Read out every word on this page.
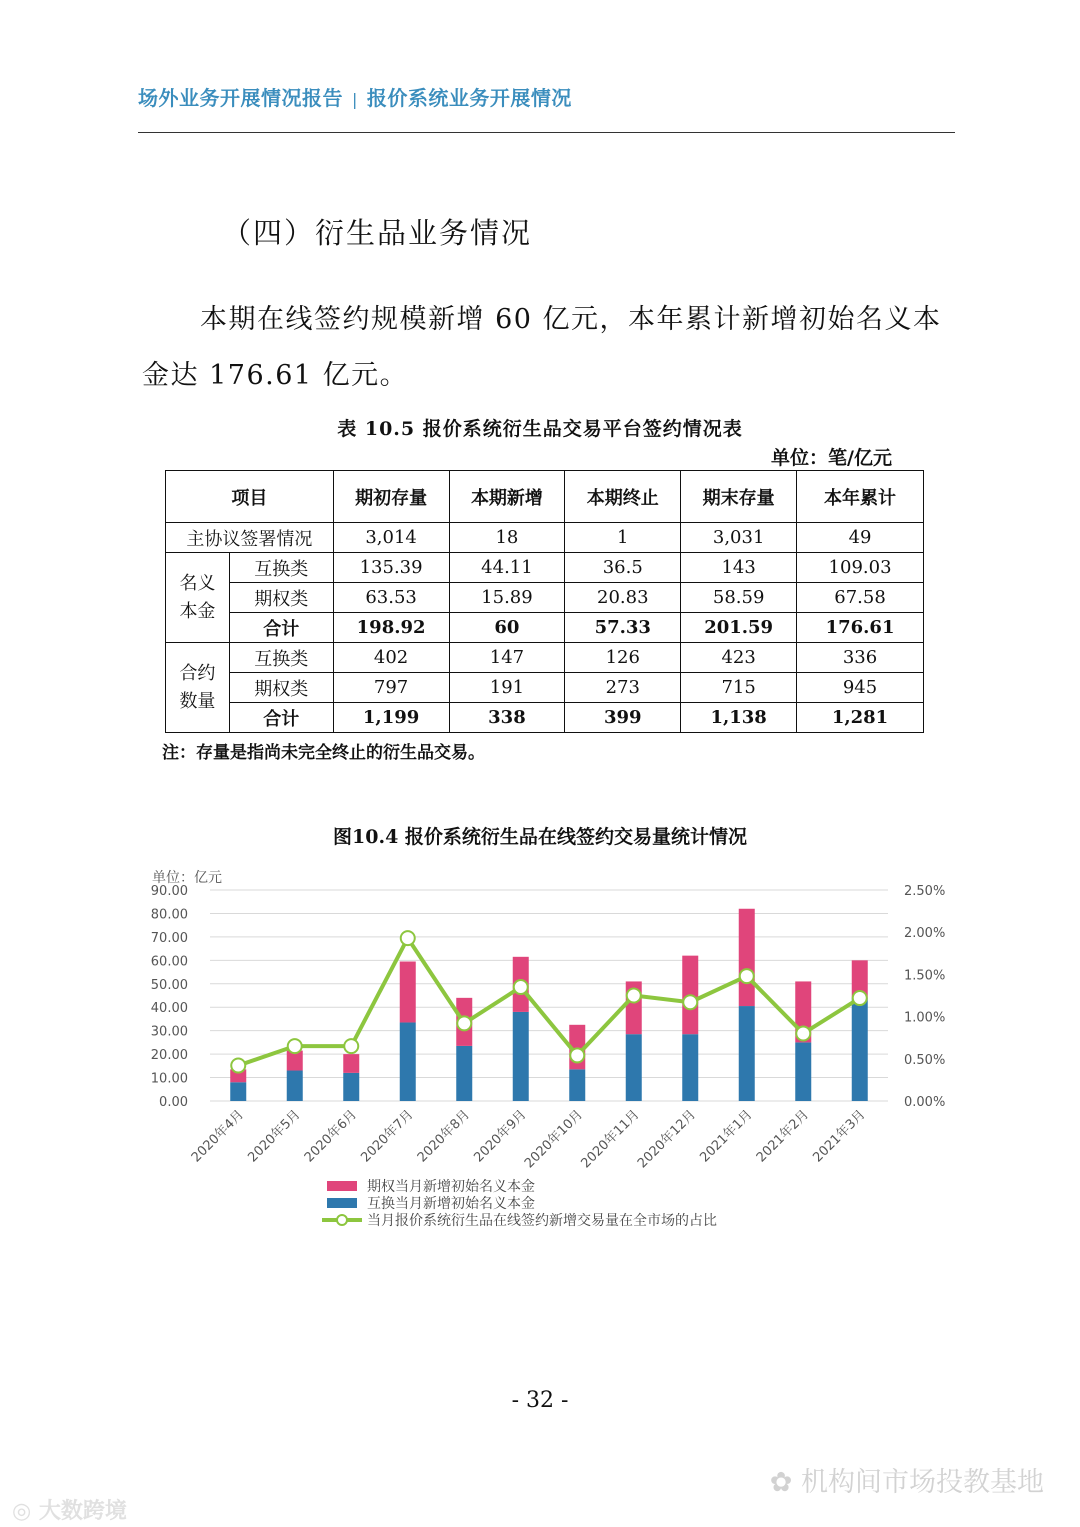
场外业务开展情况报告 | 报价系统业务开展情况
（四）衍生品业务情况
本期在线签约规模新增 60 亿元，本年累计新增初始名义本金达 176.61 亿元。
表 10.5 报价系统衍生品交易平台签约情况表
单位：笔/亿元
项目		期初存量	本期新增	本期终止	期末存量	本年累计
主协议签署情况		3,014	18	1	3,031	49
名义
本金	互换类	135.39	44.11	36.5	143	109.03
	期权类	63.53	15.89	20.83	58.59	67.58
	合计	198.92	60	57.33	201.59	176.61
合约
数量	互换类	402	147	126	423	336
	期权类	797	191	273	715	945
	合计	1,199	338	399	1,138	1,281
注：存量是指尚未完全终止的衍生品交易。
图10.4 报价系统衍生品在线签约交易量统计情况
单位：亿元
0.00
10.00
20.00
30.00
40.00
50.00
60.00
70.00
80.00
90.00
0.00%
0.50%
1.00%
1.50%
2.00%
2.50%
2020年4月
2020年5月
2020年6月
2020年7月
2020年8月
2020年9月
2020年10月
2020年11月
2020年12月
2021年1月
2021年2月
2021年3月
期权当月新增初始名义本金
互换当月新增初始名义本金
当月报价系统衍生品在线签约新增交易量在全市场的占比
- 32 -
✿ 机构间市场投教基地
◎ 大数跨境
